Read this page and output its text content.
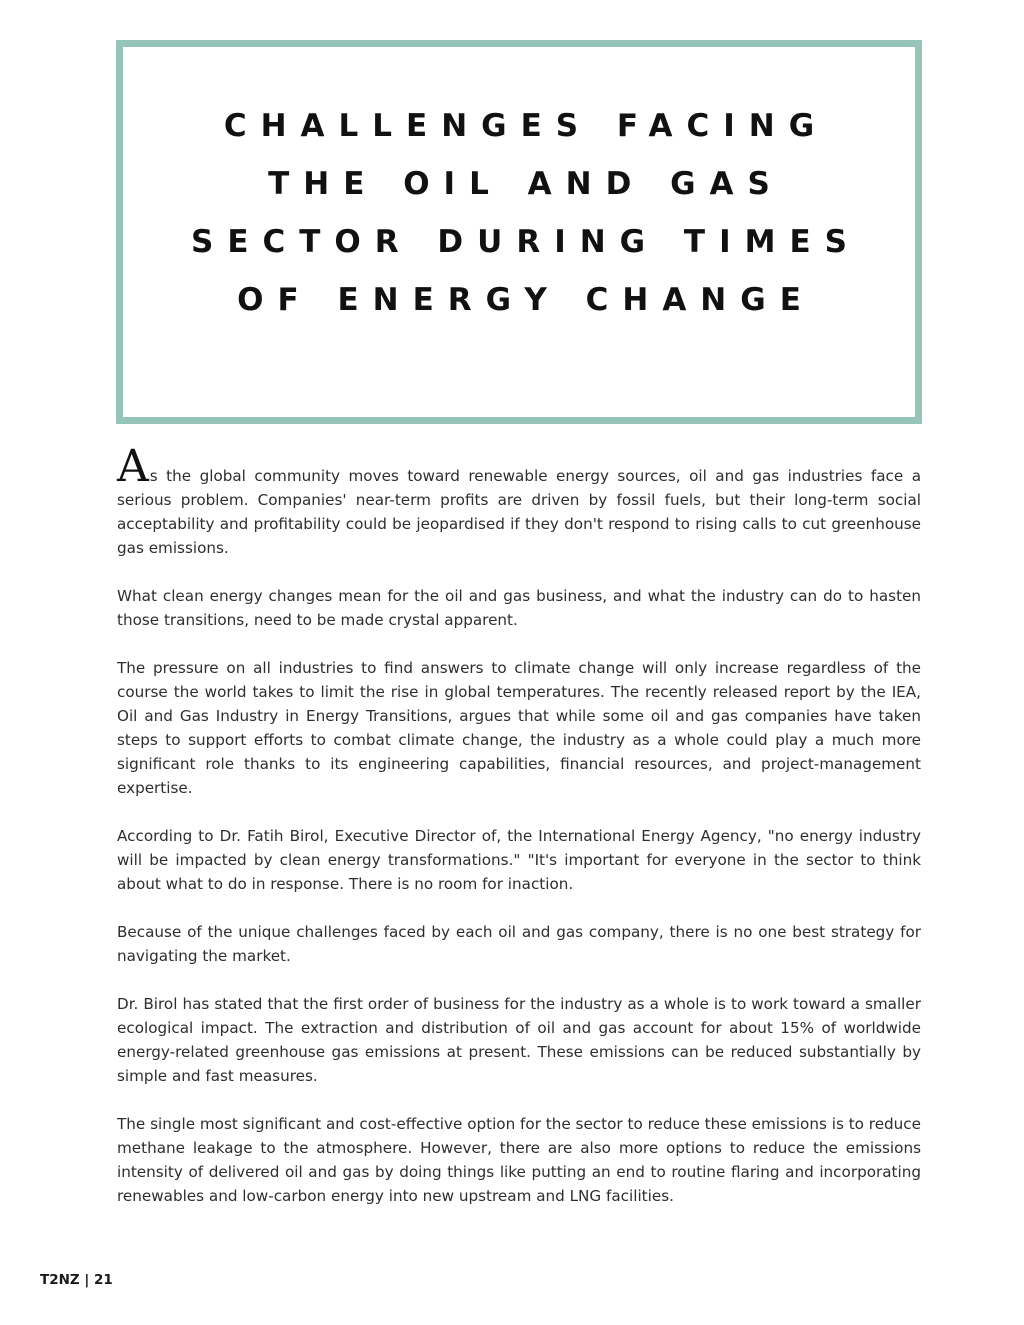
CHALLENGES FACING THE OIL AND GAS SECTOR DURING TIMES OF ENERGY CHANGE

As the global community moves toward renewable energy sources, oil and gas industries face a serious problem. Companies' near-term profits are driven by fossil fuels, but their long-term social acceptability and profitability could be jeopardised if they don't respond to rising calls to cut greenhouse gas emissions.

What clean energy changes mean for the oil and gas business, and what the industry can do to hasten those transitions, need to be made crystal apparent.

The pressure on all industries to find answers to climate change will only increase regardless of the course the world takes to limit the rise in global temperatures. The recently released report by the IEA, Oil and Gas Industry in Energy Transitions, argues that while some oil and gas companies have taken steps to support efforts to combat climate change, the industry as a whole could play a much more significant role thanks to its engineering capabilities, financial resources, and project-management expertise.

According to Dr. Fatih Birol, Executive Director of, the International Energy Agency, "no energy industry will be impacted by clean energy transformations." "It's important for everyone in the sector to think about what to do in response. There is no room for inaction.

Because of the unique challenges faced by each oil and gas company, there is no one best strategy for navigating the market.

Dr. Birol has stated that the first order of business for the industry as a whole is to work toward a smaller ecological impact. The extraction and distribution of oil and gas account for about 15% of worldwide energy-related greenhouse gas emissions at present. These emissions can be reduced substantially by simple and fast measures.

The single most significant and cost-effective option for the sector to reduce these emissions is to reduce methane leakage to the atmosphere. However, there are also more options to reduce the emissions intensity of delivered oil and gas by doing things like putting an end to routine flaring and incorporating renewables and low-carbon energy into new upstream and LNG facilities.

T2NZ | 21
